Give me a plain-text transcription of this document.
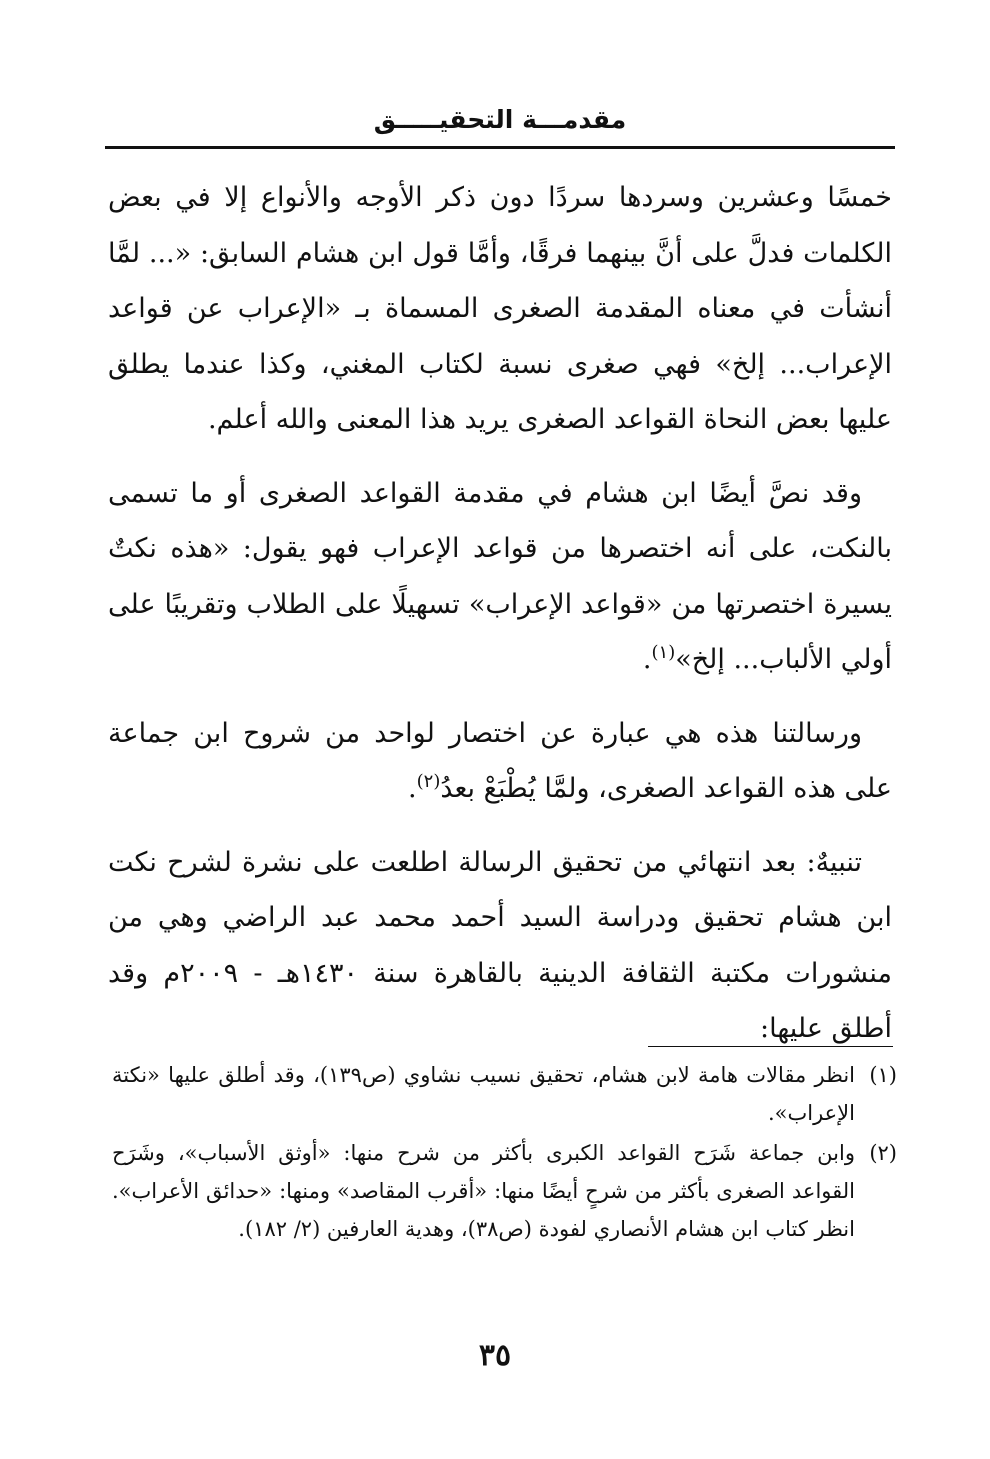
مقدمـــة التحقيـــــق

خمسًا وعشرين وسردها سردًا دون ذكر الأوجه والأنواع إلا في بعض الكلمات فدلَّ على أنَّ بينهما فرقًا، وأمَّا قول ابن هشام السابق: «... لمَّا أنشأت في معناه المقدمة الصغرى المسماة بـ «الإعراب عن قواعد الإعراب... إلخ» فهي صغرى نسبة لكتاب المغني، وكذا عندما يطلق عليها بعض النحاة القواعد الصغرى يريد هذا المعنى والله أعلم.

وقد نصَّ أيضًا ابن هشام في مقدمة القواعد الصغرى أو ما تسمى بالنكت، على أنه اختصرها من قواعد الإعراب فهو يقول: «هذه نكتٌ يسيرة اختصرتها من «قواعد الإعراب» تسهيلًا على الطلاب وتقريبًا على أولي الألباب... إلخ»$^{(١)}$.

ورسالتنا هذه هي عبارة عن اختصار لواحد من شروح ابن جماعة على هذه القواعد الصغرى، ولمَّا يُطْبَعْ بعدُ$^{(٢)}$.

تنبيهٌ: بعد انتهائي من تحقيق الرسالة اطلعت على نشرة لشرح نكت ابن هشام تحقيق ودراسة السيد أحمد محمد عبد الراضي وهي من منشورات مكتبة الثقافة الدينية بالقاهرة سنة ١٤٣٠هـ - ٢٠٠٩م وقد أطلق عليها:

(١)
انظر مقالات هامة لابن هشام، تحقيق نسيب نشاوي (ص١٣٩)، وقد أطلق عليها «نكتة الإعراب».
(٢)
وابن جماعة شَرَح القواعد الكبرى بأكثر من شرح منها: «أوثق الأسباب»، وشَرَح القواعد الصغرى بأكثر من شرحٍ أيضًا منها: «أقرب المقاصد» ومنها: «حدائق الأعراب». انظر كتاب ابن هشام الأنصاري لفودة (ص٣٨)، وهدية العارفين (٢/ ١٨٢).
٣٥
